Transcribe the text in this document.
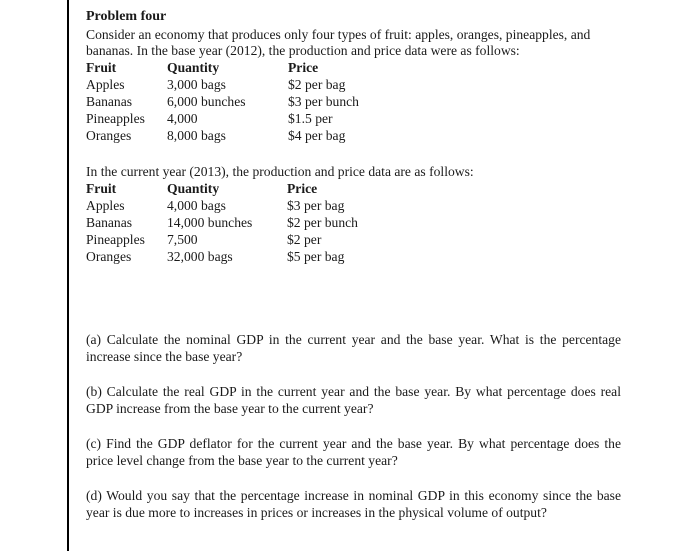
Problem four

Consider an economy that produces only four types of fruit: apples, oranges, pineapples, and bananas. In the base year (2012), the production and price data were as follows:

Fruit	Quantity	Price
Apples	3,000 bags	$2 per bag
Bananas	6,000 bunches	$3 per bunch
Pineapples	4,000	$1.5 per
Oranges	8,000 bags	$4 per bag

In the current year (2013), the production and price data are as follows:

Fruit	Quantity	Price
Apples	4,000 bags	$3 per bag
Bananas	14,000 bunches	$2 per bunch
Pineapples	7,500	$2 per
Oranges	32,000 bags	$5 per bag

(a) Calculate the nominal GDP in the current year and the base year. What is the percentage increase since the base year?

(b) Calculate the real GDP in the current year and the base year. By what percentage does real GDP increase from the base year to the current year?

(c) Find the GDP deflator for the current year and the base year. By what percentage does the price level change from the base year to the current year?

(d) Would you say that the percentage increase in nominal GDP in this economy since the base year is due more to increases in prices or increases in the physical volume of output?
